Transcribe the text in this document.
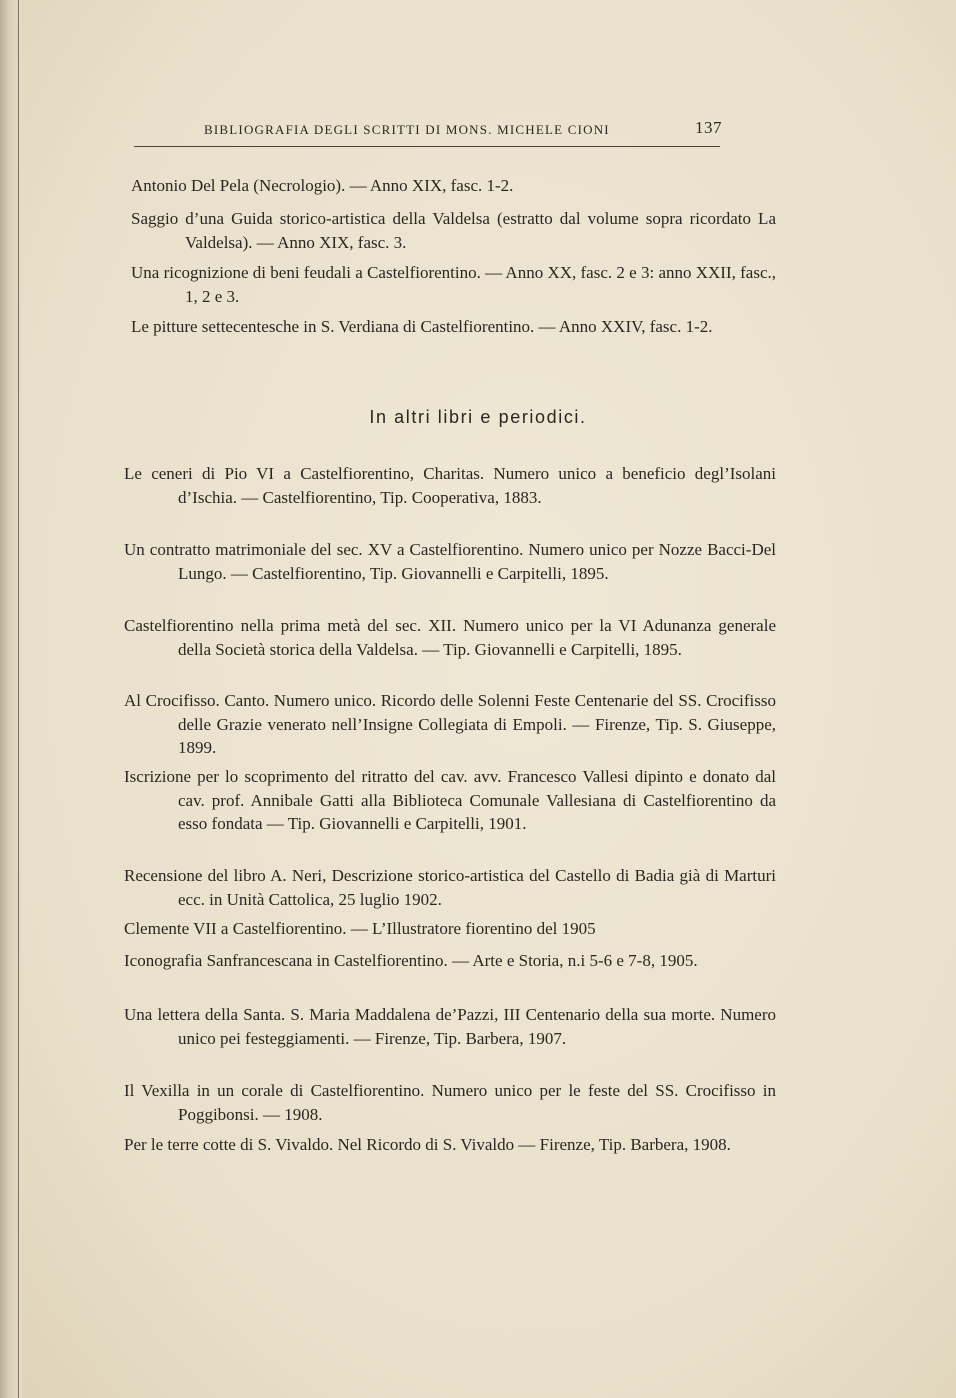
BIBLIOGRAFIA DEGLI SCRITTI DI MONS. MICHELE CIONI	137
Antonio Del Pela (Necrologio). — Anno XIX, fasc. 1-2.
Saggio d’una Guida storico-artistica della Valdelsa (estratto dal volume sopra ricordato La Valdelsa). — Anno XIX, fasc. 3.
Una ricognizione di beni feudali a Castelfiorentino. — Anno XX, fasc. 2 e 3: anno XXII, fasc., 1, 2 e 3.
Le pitture settecentesche in S. Verdiana di Castelfiorentino. — Anno XXIV, fasc. 1-2.
In altri libri e periodici.
Le ceneri di Pio VI a Castelfiorentino, Charitas. Numero unico a beneficio degl’Isolani d’Ischia. — Castelfiorentino, Tip. Cooperativa, 1883.
Un contratto matrimoniale del sec. XV a Castelfiorentino. Numero unico per Nozze Bacci-Del Lungo. — Castelfiorentino, Tip. Giovannelli e Carpitelli, 1895.
Castelfiorentino nella prima metà del sec. XII. Numero unico per la VI Adunanza generale della Società storica della Valdelsa. — Tip. Giovannelli e Carpitelli, 1895.
Al Crocifisso. Canto. Numero unico. Ricordo delle Solenni Feste Centenarie del SS. Crocifisso delle Grazie venerato nell’Insigne Collegiata di Empoli. — Firenze, Tip. S. Giuseppe, 1899.
Iscrizione per lo scoprimento del ritratto del cav. avv. Francesco Vallesi dipinto e donato dal cav. prof. Annibale Gatti alla Biblioteca Comunale Vallesiana di Castelfiorentino da esso fondata — Tip. Giovannelli e Carpitelli, 1901.
Recensione del libro A. Neri, Descrizione storico-artistica del Castello di Badia già di Marturi ecc. in Unità Cattolica, 25 luglio 1902.
Clemente VII a Castelfiorentino. — L’Illustratore fiorentino del 1905
Iconografia Sanfrancescana in Castelfiorentino. — Arte e Storia, n.i 5-6 e 7-8, 1905.
Una lettera della Santa. S. Maria Maddalena de’Pazzi, III Centenario della sua morte. Numero unico pei festeggiamenti. — Firenze, Tip. Barbera, 1907.
Il Vexilla in un corale di Castelfiorentino. Numero unico per le feste del SS. Crocifisso in Poggibonsi. — 1908.
Per le terre cotte di S. Vivaldo. Nel Ricordo di S. Vivaldo — Firenze, Tip. Barbera, 1908.
